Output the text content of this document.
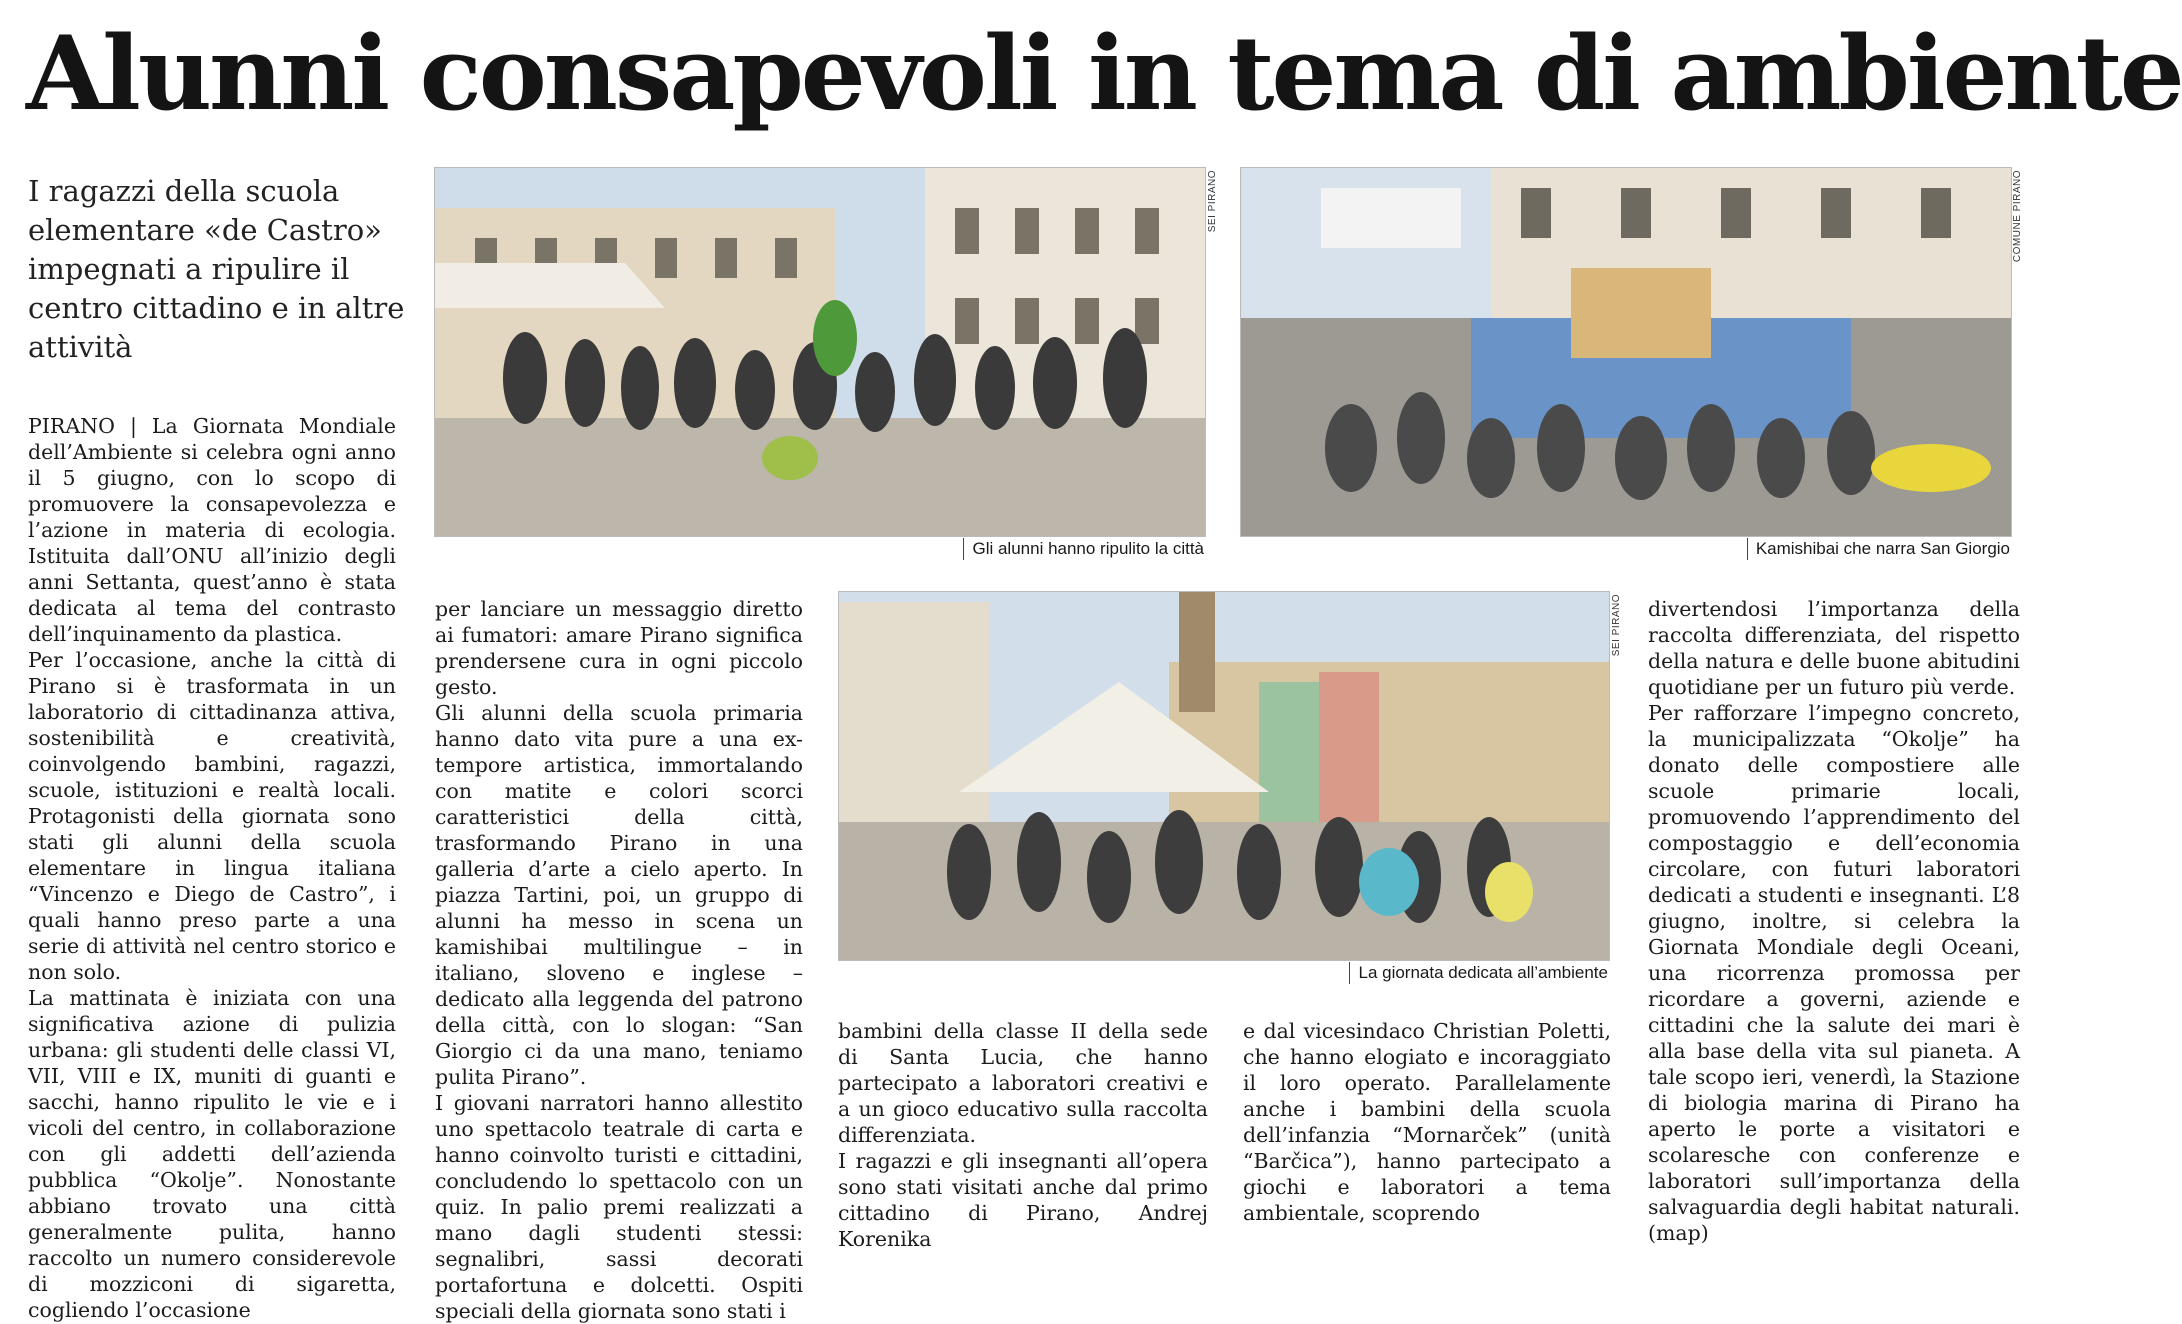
Alunni consapevoli in tema di ambiente

I ragazzi della scuola elementare «de Castro» impegnati a ripulire il centro cittadino e in altre attività

PIRANO | La Giornata Mondiale dell’Ambiente si celebra ogni anno il 5 giugno, con lo scopo di promuovere la consapevolezza e l’azione in materia di ecologia. Istituita dall’ONU all’inizio degli anni Settanta, quest’anno è stata dedicata al tema del contrasto dell’inquinamento da plastica.

Per l’occasione, anche la città di Pirano si è trasformata in un laboratorio di cittadinanza attiva, sostenibilità e creatività, coinvolgendo bambini, ragazzi, scuole, istituzioni e realtà locali. Protagonisti della giornata sono stati gli alunni della scuola elementare in lingua italiana “Vincenzo e Diego de Castro”, i quali hanno preso parte a una serie di attività nel centro storico e non solo.

La mattinata è iniziata con una significativa azione di pulizia urbana: gli studenti delle classi VI, VII, VIII e IX, muniti di guanti e sacchi, hanno ripulito le vie e i vicoli del centro, in collaborazione con gli addetti dell’azienda pubblica “Okolje”. Nonostante abbiano trovato una città generalmente pulita, hanno raccolto un numero considerevole di mozziconi di sigaretta, cogliendo l’occasione

per lanciare un messaggio diretto ai fumatori: amare Pirano significa prendersene cura in ogni piccolo gesto.

Gli alunni della scuola primaria hanno dato vita pure a una ex-tempore artistica, immortalando con matite e colori scorci caratteristici della città, trasformando Pirano in una galleria d’arte a cielo aperto. In piazza Tartini, poi, un gruppo di alunni ha messo in scena un kamishibai multilingue – in italiano, sloveno e inglese – dedicato alla leggenda del patrono della città, con lo slogan: “San Giorgio ci da una mano, teniamo pulita Pirano”.

I giovani narratori hanno allestito uno spettacolo teatrale di carta e hanno coinvolto turisti e cittadini, concludendo lo spettacolo con un quiz. In palio premi realizzati a mano dagli studenti stessi: segnalibri, sassi decorati portafortuna e dolcetti. Ospiti speciali della giornata sono stati i

bambini della classe II della sede di Santa Lucia, che hanno partecipato a laboratori creativi e a un gioco educativo sulla raccolta differenziata.

I ragazzi e gli insegnanti all’opera sono stati visitati anche dal primo cittadino di Pirano, Andrej Korenika

e dal vicesindaco Christian Poletti, che hanno elogiato e incoraggiato il loro operato. Parallelamente anche i bambini della scuola dell’infanzia “Mornarček” (unità “Barčica”), hanno partecipato a giochi e laboratori a tema ambientale, scoprendo

divertendosi l’importanza della raccolta differenziata, del rispetto della natura e delle buone abitudini quotidiane per un futuro più verde.

Per rafforzare l’impegno concreto, la municipalizzata “Okolje” ha donato delle compostiere alle scuole primarie locali, promuovendo l’apprendimento del compostaggio e dell’economia circolare, con futuri laboratori dedicati a studenti e insegnanti. L’8 giugno, inoltre, si celebra la Giornata Mondiale degli Oceani, una ricorrenza promossa per ricordare a governi, aziende e cittadini che la salute dei mari è alla base della vita sul pianeta. A tale scopo ieri, venerdì, la Stazione di biologia marina di Pirano ha aperto le porte a visitatori e scolaresche con conferenze e laboratori sull’importanza della salvaguardia degli habitat naturali. (map)

SEI PIRANO
Gli alunni hanno ripulito la città
COMUNE PIRANO
Kamishibai che narra San Giorgio
SEI PIRANO
La giornata dedicata all’ambiente
